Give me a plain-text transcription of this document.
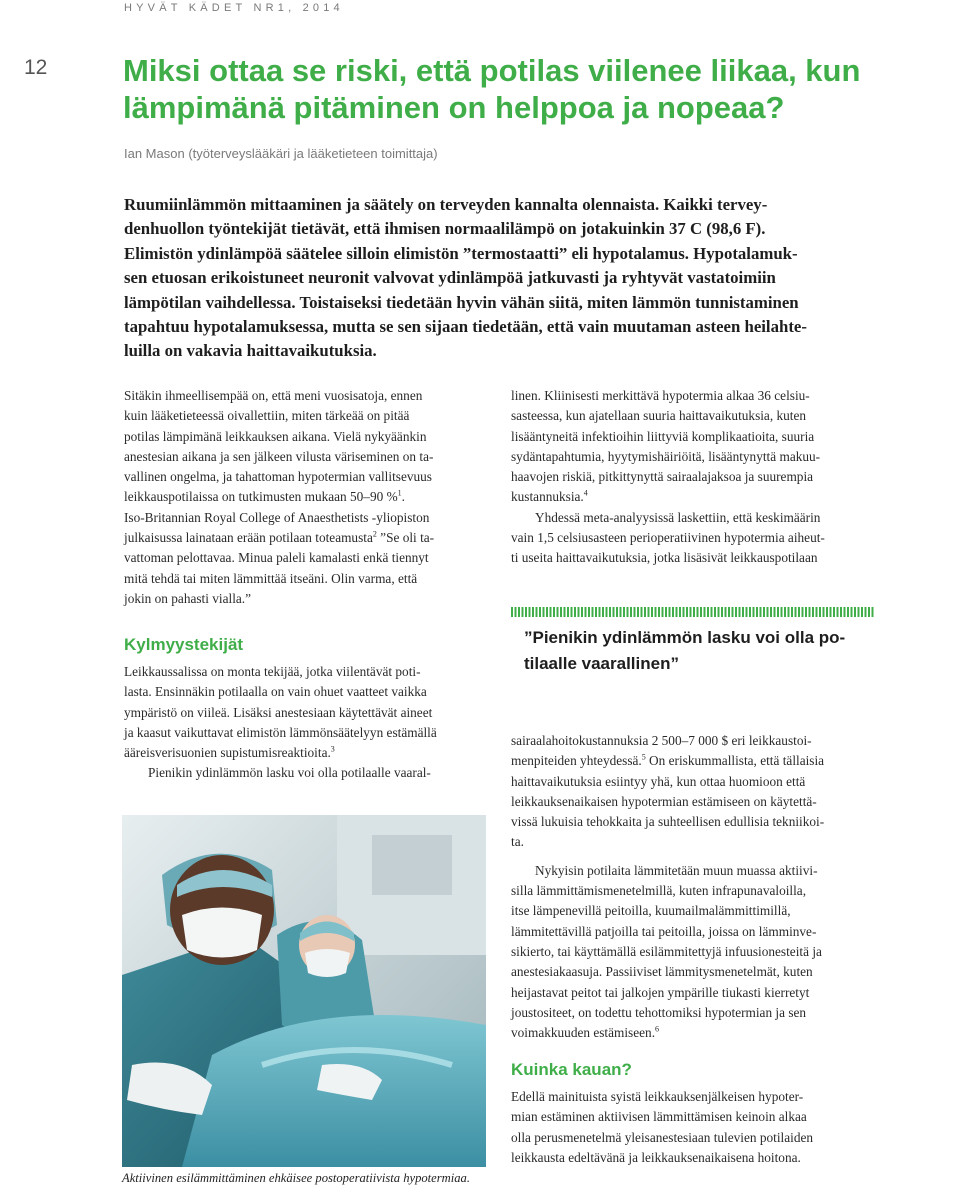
HYVÄT KÄDET NR1, 2014
12 Miksi ottaa se riski, että potilas viilenee liikaa, kun
lämpimänä pitäminen on helppoa ja nopeaa?
Ian Mason (työterveyslääkäri ja lääketieteen toimittaja)

Ruumiinlämmön mittaaminen ja säätely on terveyden kannalta olennaista. Kaikki tervey-
denhuollon työntekijät tietävät, että ihmisen normaalilämpö on jotakuinkin 37 C (98,6 F).
Elimistön ydinlämpöä säätelee silloin elimistön ”termostaatti” eli hypotalamus. Hypotalamuk-
sen etuosan erikoistuneet neuronit valvovat ydinlämpöä jatkuvasti ja ryhtyvät vastatoimiin
lämpötilan vaihdellessa. Toistaiseksi tiedetään hyvin vähän siitä, miten lämmön tunnistaminen
tapahtuu hypotalamuksessa, mutta se sen sijaan tiedetään, että vain muutaman asteen heilahte-
luilla on vakavia haittavaikutuksia.

Sitäkin ihmeellisempää on, että meni vuosisatoja, ennen
kuin lääketieteessä oivallettiin, miten tärkeää on pitää
potilas lämpimänä leikkauksen aikana. Vielä nykyäänkin
anestesian aikana ja sen jälkeen vilusta väriseminen on ta-
vallinen ongelma, ja tahattoman hypotermian vallitsevuus
leikkauspotilaissa on tutkimusten mukaan 50–90 %$^1$.

Iso-Britannian Royal College of Anaesthetists -yliopiston
julkaisussa lainataan erään potilaan toteamusta$^2$ ”Se oli ta-
vattoman pelottavaa. Minua paleli kamalasti enkä tiennyt
mitä tehdä tai miten lämmittää itseäni. Olin varma, että
jokin on pahasti vialla.”

Kylmyystekijät

Leikkaussalissa on monta tekijää, jotka viilentävät poti-
lasta. Ensinnäkin potilaalla on vain ohuet vaatteet vaikka
ympäristö on viileä. Lisäksi anestesiaan käytettävät aineet
ja kaasut vaikuttavat elimistön lämmönsäätelyyn estämällä
ääreisverisuonien supistumisreaktioita.$^3$

Pienikin ydinlämmön lasku voi olla potilaalle vaaral-

Aktiivinen esilämmittäminen ehkäisee postoperatiivista hypotermiaa.

linen. Kliinisesti merkittävä hypotermia alkaa 36 celsiu-
sasteessa, kun ajatellaan suuria haittavaikutuksia, kuten
lisääntyneitä infektioihin liittyviä komplikaatioita, suuria
sydäntapahtumia, hyytymishäiriöitä, lisääntynyttä makuu-
haavojen riskiä, pitkittynyttä sairaalajaksoa ja suurempia
kustannuksia.$^4$

Yhdessä meta-analyysissä laskettiin, että keskimäärin
vain 1,5 celsiusasteen perioperatiivinen hypotermia aiheut-
ti useita haittavaikutuksia, jotka lisäsivät leikkauspotilaan

”Pienikin ydinlämmön lasku voi olla po-
tilaalle vaarallinen”

sairaalahoitokustannuksia 2 500–7 000 $ eri leikkaustoi-
menpiteiden yhteydessä.$^5$ On eriskummallista, että tällaisia
haittavaikutuksia esiintyy yhä, kun ottaa huomioon että
leikkauksenaikaisen hypotermian estämiseen on käytettä-
vissä lukuisia tehokkaita ja suhteellisen edullisia tekniikoi-
ta.

Nykyisin potilaita lämmitetään muun muassa aktiivi-
silla lämmittämismenetelmillä, kuten infrapunavaloilla,
itse lämpenevillä peitoilla, kuumailmalämmittimillä,
lämmitettävillä patjoilla tai peitoilla, joissa on lämminve-
sikierto, tai käyttämällä esilämmitettyjä infuusionesteitä ja
anestesiakaasuja. Passiiviset lämmitysmenetelmät, kuten
heijastavat peitot tai jalkojen ympärille tiukasti kierretyt
joustositeet, on todettu tehottomiksi hypotermian ja sen
voimakkuuden estämiseen.$^6$

Kuinka kauan?

Edellä mainituista syistä leikkauksenjälkeisen hypoter-
mian estäminen aktiivisen lämmittämisen keinoin alkaa
olla perusmenetelmä yleisanestesiaan tulevien potilaiden
leikkausta edeltävänä ja leikkauksenaikaisena hoitona.
